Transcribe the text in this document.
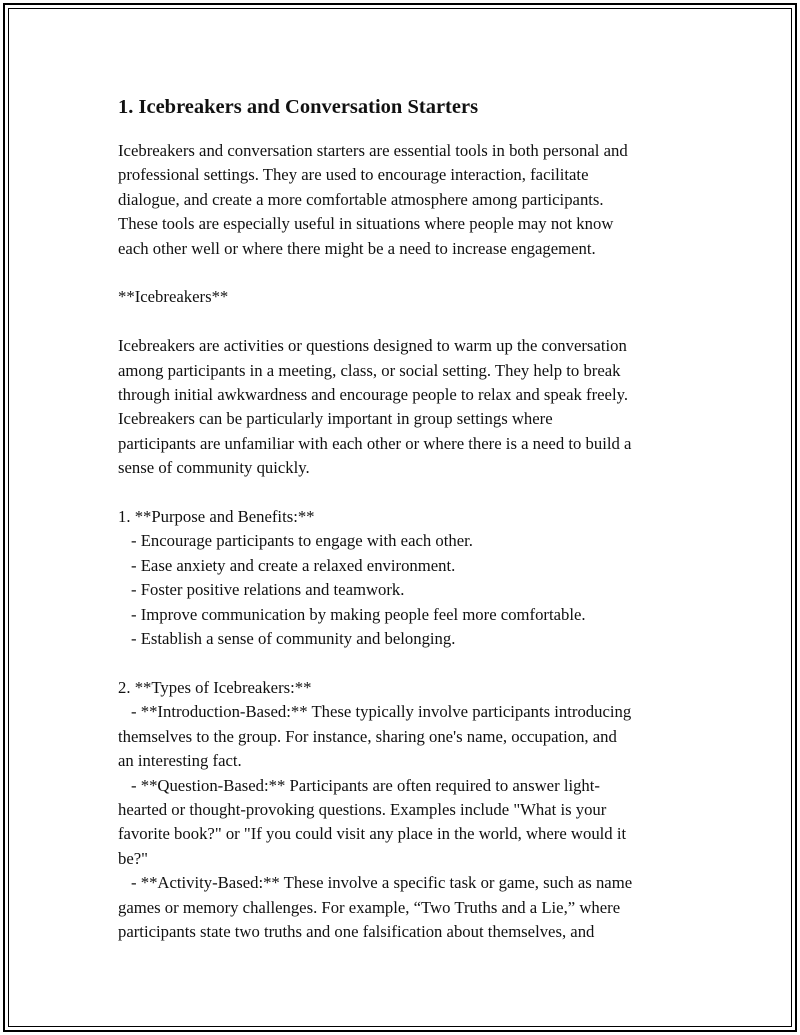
1. Icebreakers and Conversation Starters

Icebreakers and conversation starters are essential tools in both personal and

professional settings. They are used to encourage interaction, facilitate

dialogue, and create a more comfortable atmosphere among participants.

These tools are especially useful in situations where people may not know

each other well or where there might be a need to increase engagement.

**Icebreakers**

Icebreakers are activities or questions designed to warm up the conversation

among participants in a meeting, class, or social setting. They help to break

through initial awkwardness and encourage people to relax and speak freely.

Icebreakers can be particularly important in group settings where

participants are unfamiliar with each other or where there is a need to build a

sense of community quickly.

1. **Purpose and Benefits:**

- Encourage participants to engage with each other.

- Ease anxiety and create a relaxed environment.

- Foster positive relations and teamwork.

- Improve communication by making people feel more comfortable.

- Establish a sense of community and belonging.

2. **Types of Icebreakers:**

- **Introduction-Based:** These typically involve participants introducing

themselves to the group. For instance, sharing one's name, occupation, and

an interesting fact.

- **Question-Based:** Participants are often required to answer light-

hearted or thought-provoking questions. Examples include "What is your

favorite book?" or "If you could visit any place in the world, where would it

be?"

- **Activity-Based:** These involve a specific task or game, such as name

games or memory challenges. For example, “Two Truths and a Lie,” where

participants state two truths and one falsification about themselves, and
